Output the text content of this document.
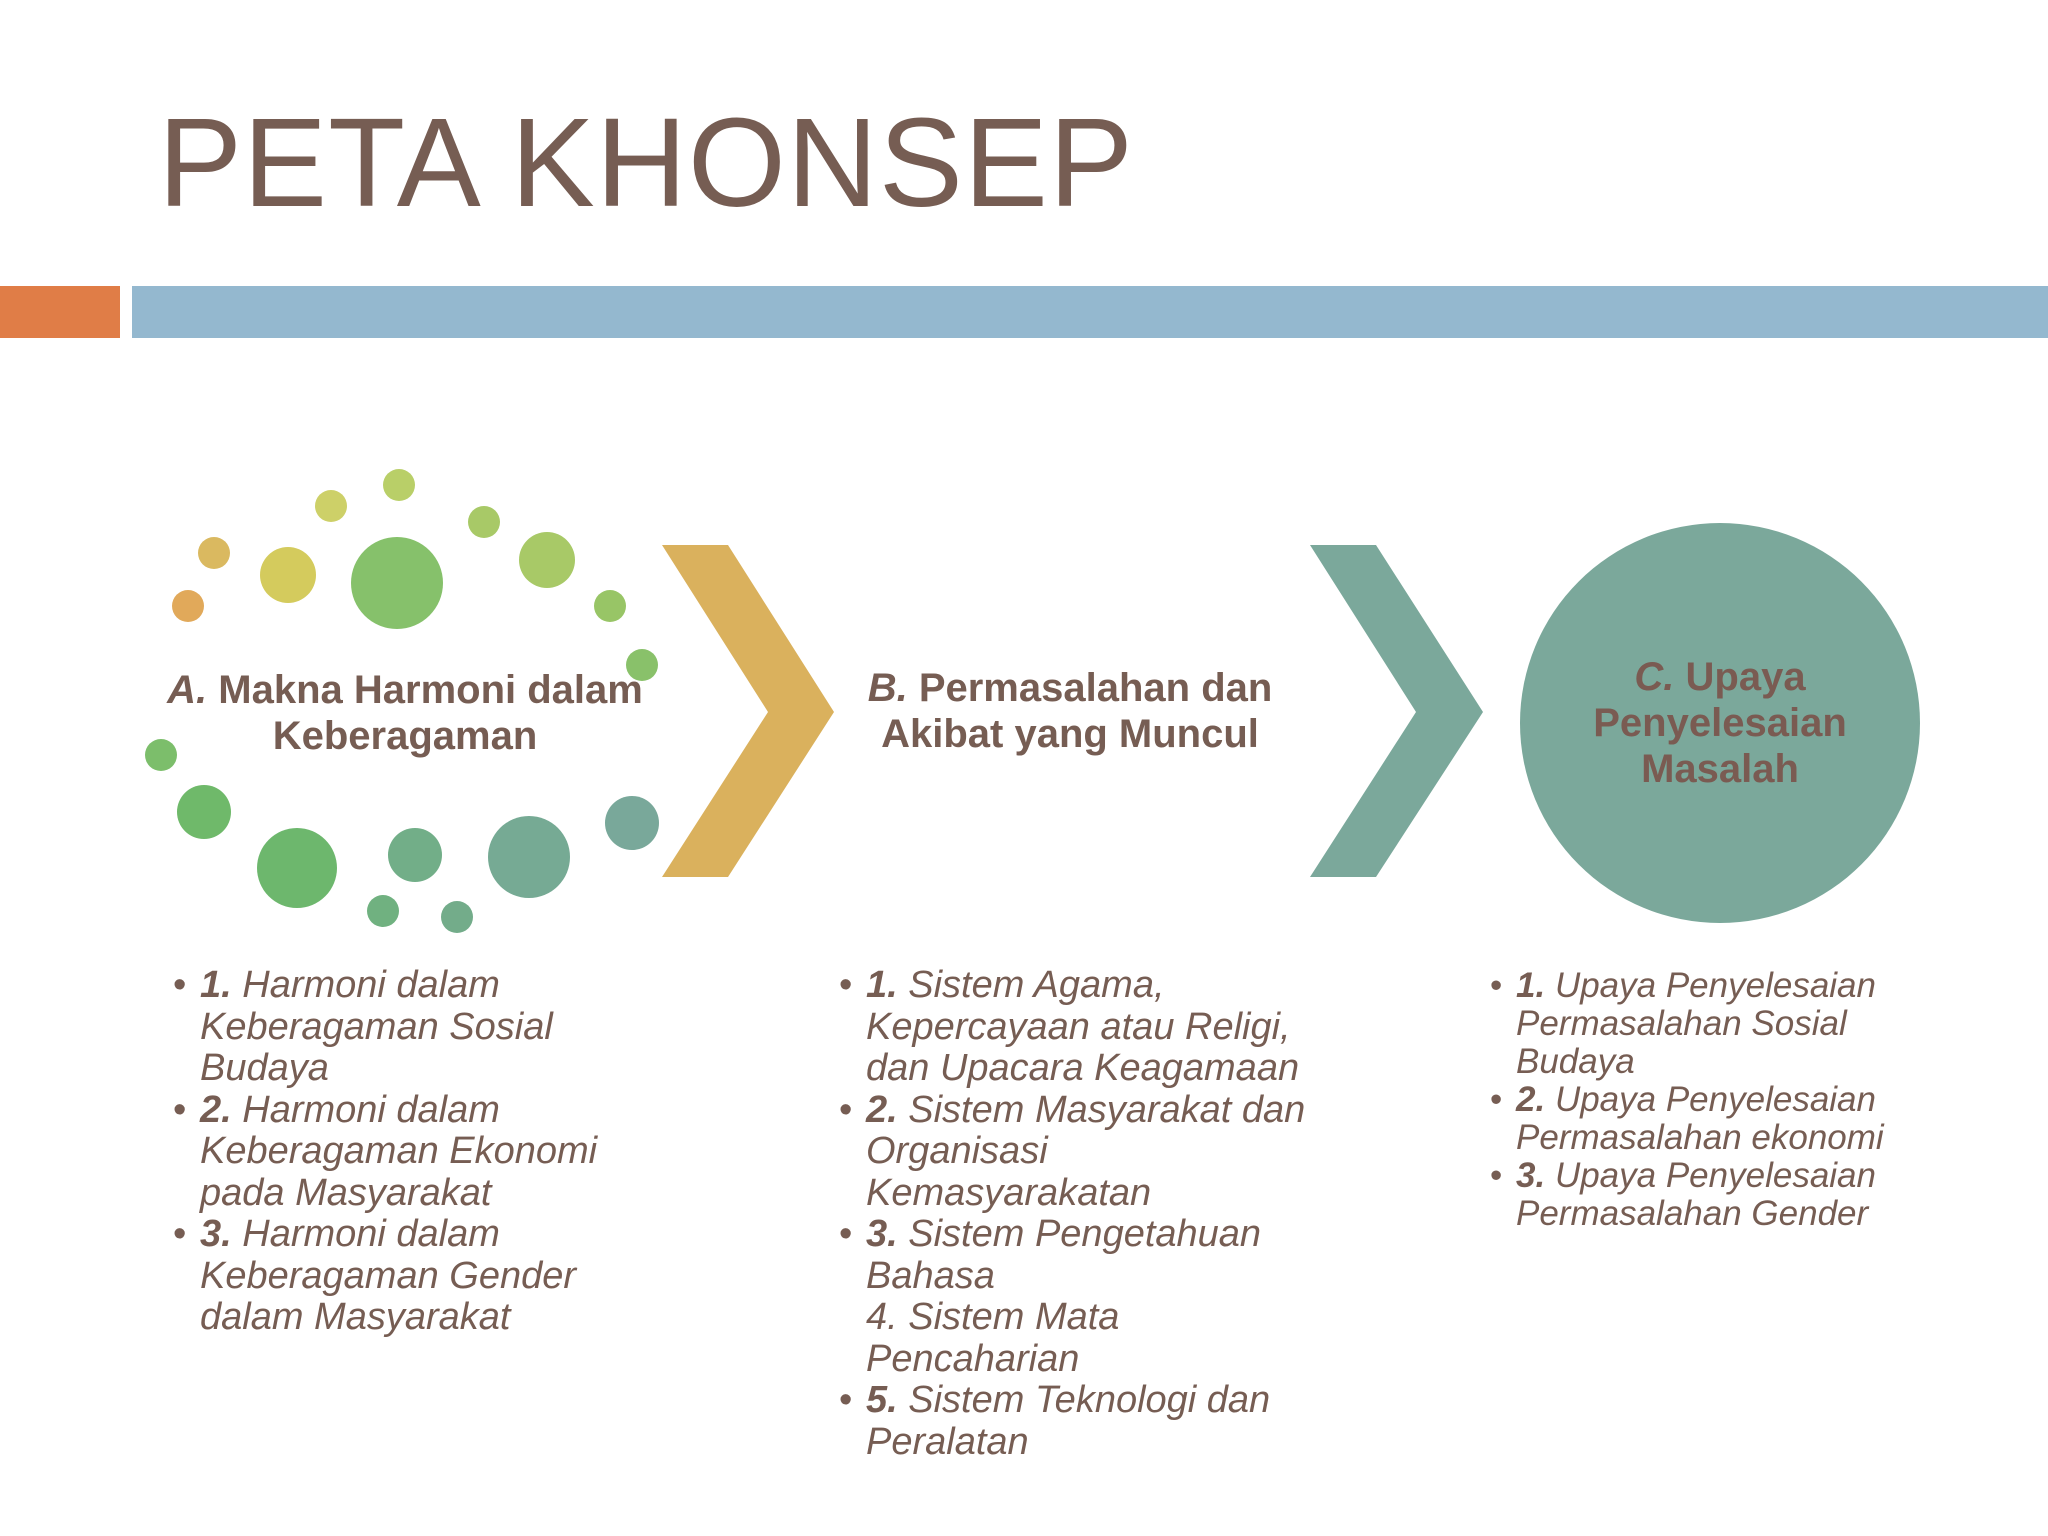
PETA KHONSEP
A. Makna Harmoni dalam Keberagaman
B. Permasalahan dan Akibat yang Muncul
C. Upaya Penyelesaian Masalah
• 1. Harmoni dalam Keberagaman Sosial Budaya
• 2. Harmoni dalam Keberagaman Ekonomi pada Masyarakat
• 3. Harmoni dalam Keberagaman Gender dalam Masyarakat
• 1. Sistem Agama, Kepercayaan atau Religi, dan Upacara Keagamaan
• 2. Sistem Masyarakat dan Organisasi Kemasyarakatan
• 3. Sistem Pengetahuan Bahasa
4. Sistem Mata Pencaharian
• 5. Sistem Teknologi dan Peralatan
• 1. Upaya Penyelesaian Permasalahan Sosial Budaya
• 2. Upaya Penyelesaian Permasalahan ekonomi
• 3. Upaya Penyelesaian Permasalahan Gender
